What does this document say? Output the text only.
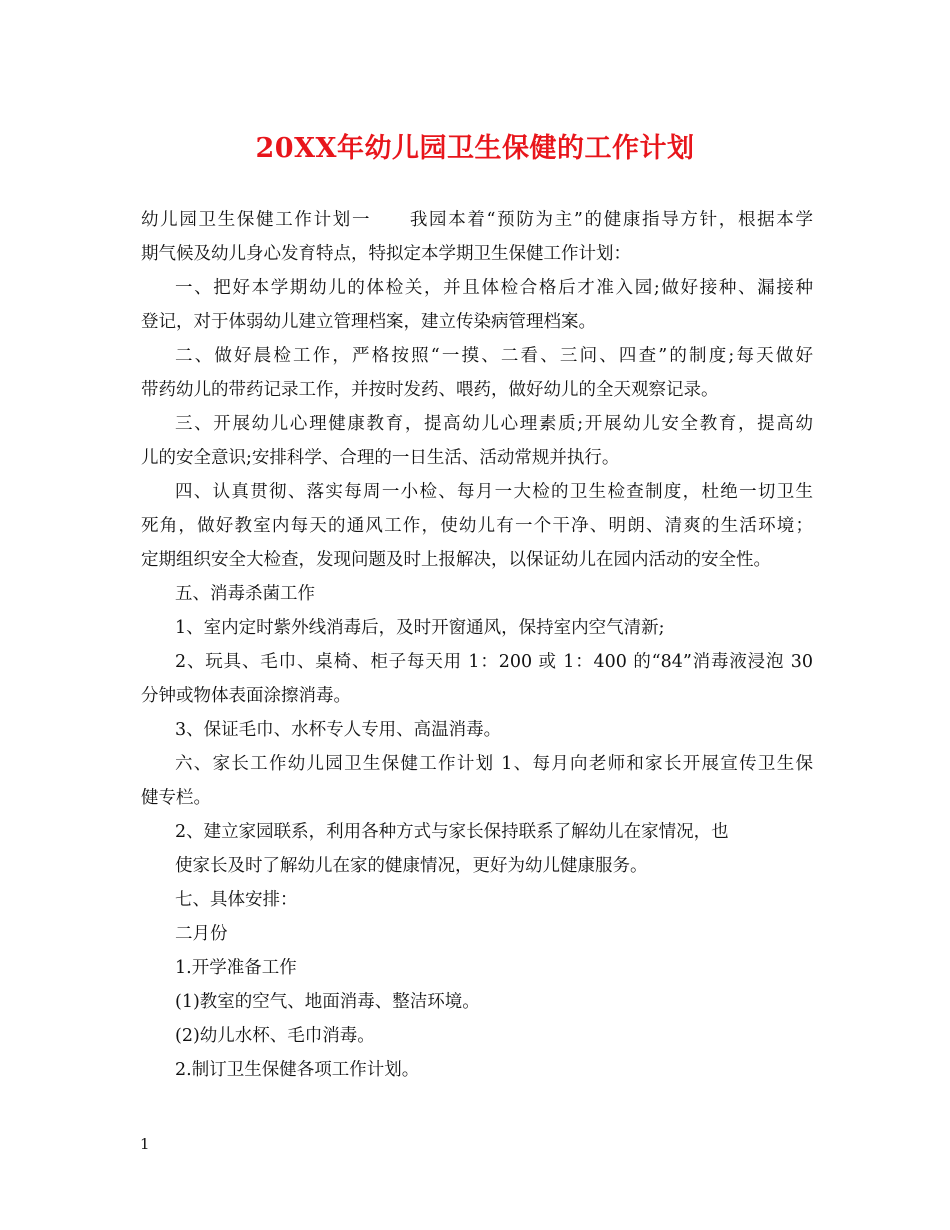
20XX年幼儿园卫生保健的工作计划
幼儿园卫生保健工作计划一 我园本着“预防为主”的健康指导方针，根据本学
期气候及幼儿身心发育特点，特拟定本学期卫生保健工作计划：
一、把好本学期幼儿的体检关，并且体检合格后才准入园;做好接种、漏接种
登记，对于体弱幼儿建立管理档案，建立传染病管理档案。
二、做好晨检工作，严格按照“一摸、二看、三问、四查”的制度;每天做好
带药幼儿的带药记录工作，并按时发药、喂药，做好幼儿的全天观察记录。
三、开展幼儿心理健康教育，提高幼儿心理素质;开展幼儿安全教育，提高幼
儿的安全意识;安排科学、合理的一日生活、活动常规并执行。
四、认真贯彻、落实每周一小检、每月一大检的卫生检查制度，杜绝一切卫生
死角，做好教室内每天的通风工作，使幼儿有一个干净、明朗、清爽的生活环境；
定期组织安全大检查，发现问题及时上报解决，以保证幼儿在园内活动的安全性。
五、消毒杀菌工作
1、室内定时紫外线消毒后，及时开窗通风，保持室内空气清新;
2、玩具、毛巾、桌椅、柜子每天用 1：200 或 1：400 的“84”消毒液浸泡 30
分钟或物体表面涂擦消毒。
3、保证毛巾、水杯专人专用、高温消毒。
六、家长工作幼儿园卫生保健工作计划 1、每月向老师和家长开展宣传卫生保
健专栏。
2、建立家园联系，利用各种方式与家长保持联系了解幼儿在家情况，也
使家长及时了解幼儿在家的健康情况，更好为幼儿健康服务。
七、具体安排：
二月份
1.开学准备工作
(1)教室的空气、地面消毒、整洁环境。
(2)幼儿水杯、毛巾消毒。
2.制订卫生保健各项工作计划。
1
